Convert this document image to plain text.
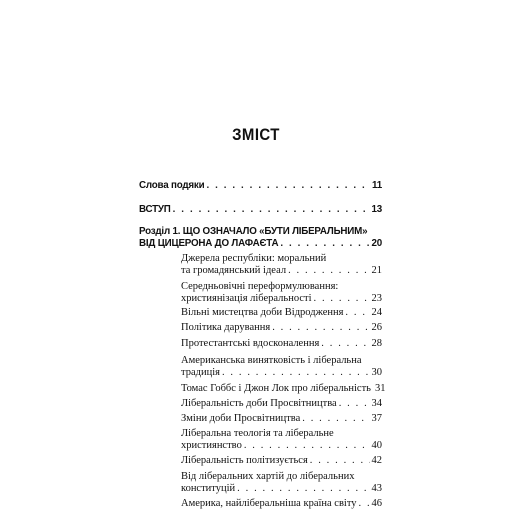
ЗМІСТ
Слова подяки . . .	11
ВСТУП . . .	13
Розділ 1. ЩО ОЗНАЧАЛО «БУТИ ЛІБЕРАЛЬНИМ»
ВІД ЦИЦЕРОНА ДО ЛАФАЄТА . . .	20
Джерела республіки: моральний
та громадянський ідеал . . .	21
Середньовічні переформулювання:
християнізація ліберальності . . .	23
Вільні мистецтва доби Відродження . . .	24
Політика дарування . . .	26
Протестантські вдосконалення . . .	28
Американська винятковість і ліберальна
традиція . . .	30
Томас Гоббс і Джон Лок про ліберальність 31
Ліберальність доби Просвітництва . . .	34
Зміни доби Просвітництва . . .	37
Ліберальна теологія та ліберальне
християнство . . .	40
Ліберальність політизується . . .	42
Від ліберальних хартій до ліберальних
конституцій . . .	43
Америка, найліберальніша країна світу . . . 46
